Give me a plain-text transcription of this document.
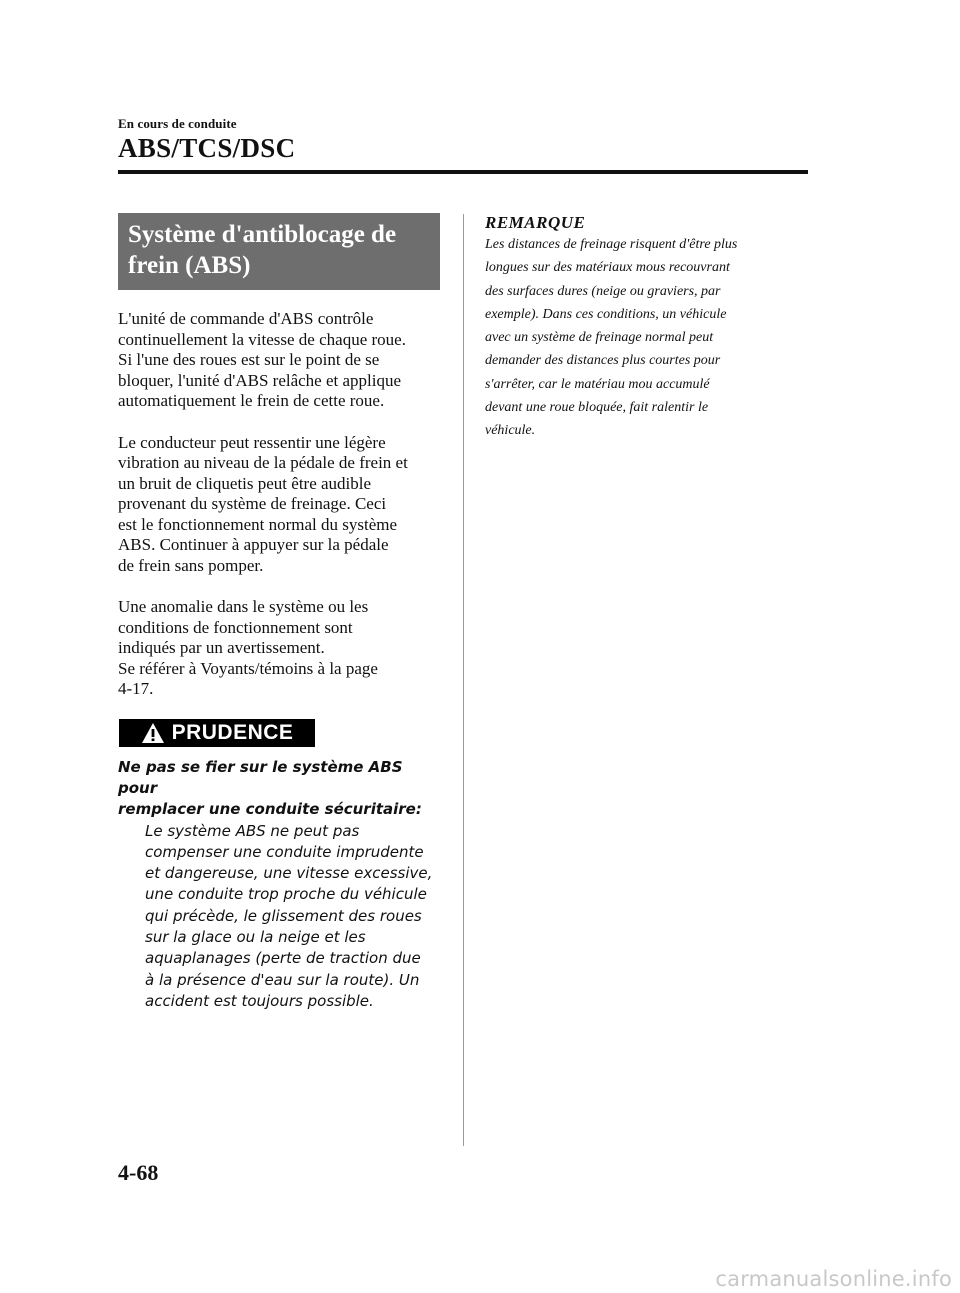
En cours de conduite
ABS/TCS/DSC
Système d'antiblocage de
frein (ABS)

L'unité de commande d'ABS contrôle
continuellement la vitesse de chaque roue.
Si l'une des roues est sur le point de se
bloquer, l'unité d'ABS relâche et applique
automatiquement le frein de cette roue.

Le conducteur peut ressentir une légère
vibration au niveau de la pédale de frein et
un bruit de cliquetis peut être audible
provenant du système de freinage. Ceci
est le fonctionnement normal du système
ABS. Continuer à appuyer sur la pédale
de frein sans pomper.

Une anomalie dans le système ou les
conditions de fonctionnement sont
indiqués par un avertissement.
Se référer à Voyants/témoins à la page
4-17.

PRUDENCE
Ne pas se fier sur le système ABS pour
remplacer une conduite sécuritaire:
Le système ABS ne peut pas
compenser une conduite imprudente
et dangereuse, une vitesse excessive,
une conduite trop proche du véhicule
qui précède, le glissement des roues
sur la glace ou la neige et les
aquaplanages (perte de traction due
à la présence d'eau sur la route). Un
accident est toujours possible.
REMARQUE
Les distances de freinage risquent d'être plus
longues sur des matériaux mous recouvrant
des surfaces dures (neige ou graviers, par
exemple). Dans ces conditions, un véhicule
avec un système de freinage normal peut
demander des distances plus courtes pour
s'arrêter, car le matériau mou accumulé
devant une roue bloquée, fait ralentir le
véhicule.
4-68
carmanualsonline.info
